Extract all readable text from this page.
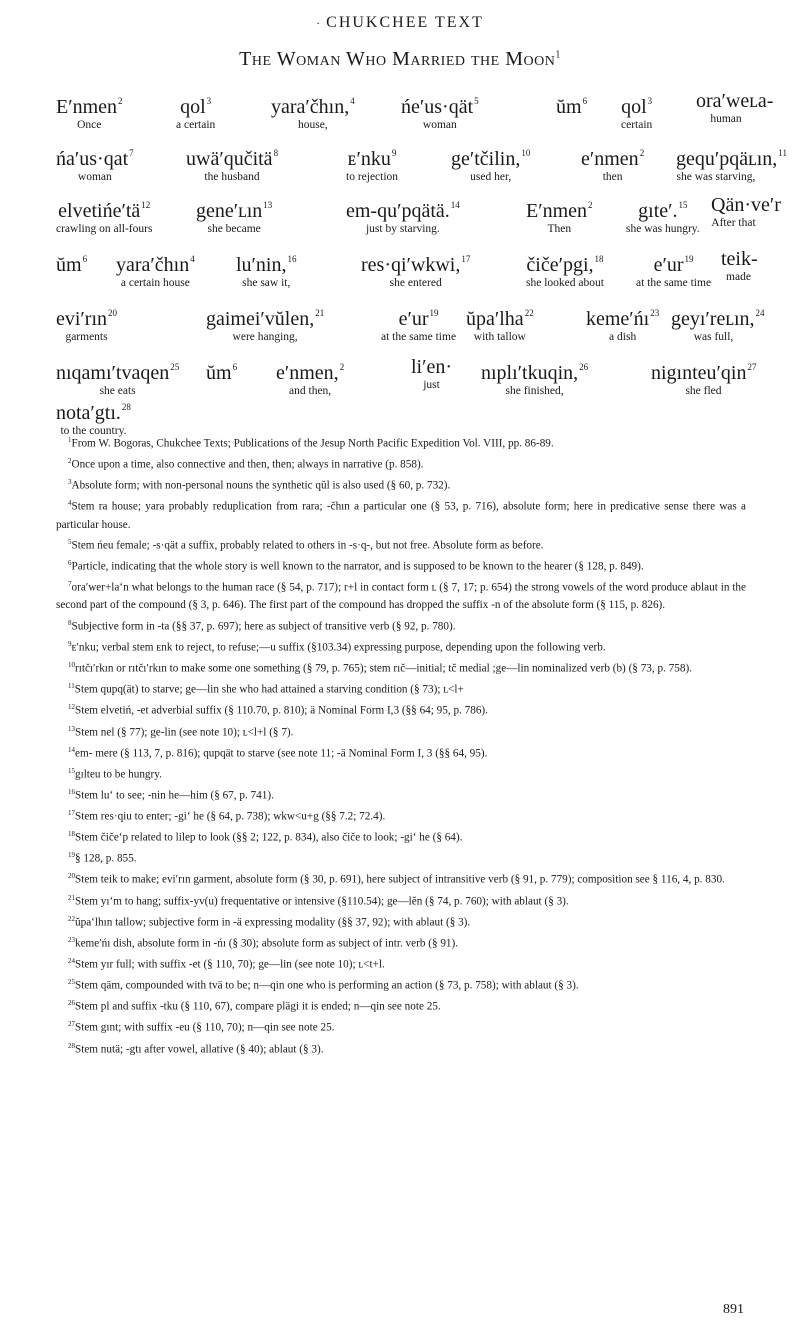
· CHUKCHEE TEXT
The Woman Who Married the Moon$^1$
E′nmen$^2$
Once
qol$^3$
a certain
yara′čhın,$^4$
house,
ńe′us·qät$^5$
woman
$ŭm^6$ qol$^3$
certain
ora′weʟa-
human
ńa′us·qat$^7$
woman
uwä′qučitä$^8$
the husband
ᴇ′nku$^9$
to rejection
ge′tčilin,$^{10}$
used her,
e′nmen$^2$
then
gequ′pqäʟın,$^{11}$
she was starving,
$elvetińe'tä^{12}$
crawling on all-fours
gene′ʟın$^{13}$
she became
em-qu′pqätä.$^{14}$
just by starving.
E′nmen$^2$
Then
gıte′.$^{15}$
she was hungry.
Qän·ve′r
After that
$ŭm^6$ yara′čhın$^4$
a certain house
lu′nin,$^{16}$
she saw it,
res·qi′wkwi,$^{17}$
she entered
čiče′pgi,$^{18}$
she looked about
$e'ur^{19}$
at the same time
teik-
made
evi′rın$^{20}$
garments
gaimei′vŭlen,$^{21}$
were hanging,
$e'ur^{19}$
at the same time
ŭpa′lha$^{22}$
with tallow
$keme'ńı^{23}$
a dish
geyı′reʟın,$^{24}$
was full,
nıqamı′tvaqen$^{25}$
she eats
$ŭm^6$ e′nmen,$^2$
and then,
li′en·
just
nıplı′tkuqin,$^{26}$
she finished,
nigınteu′qin$^{27}$
she fled
nota′gtı.$^{28}$
to the country.

$^1$From W. Bogoras, Chukchee Texts; Publications of the Jesup North Pacific Expedition Vol. VIII, pp. 86-89.

$^2$Once upon a time, also connective and then, then; always in narrative (p. 858).

$^3$Absolute form; with non-personal nouns the synthetic qŭl is also used (§ 60, p. 732).

$^4$Stem ra house; yara probably reduplication from rara; -čhın a particular one (§ 53, p. 716), absolute form; here in predicative sense there was a particular house.

$^5$Stem ńeu female; -s·qät a suffix, probably related to others in -s·q-, but not free. Absolute form as before.

$^6$Particle, indicating that the whole story is well known to the narrator, and is supposed to be known to the hearer (§ 128, p. 849).

$^7$ora′wer+la‘n what belongs to the human race (§ 54, p. 717); r+l in contact form ʟ (§ 7, 17; p. 654) the strong vowels of the word produce ablaut in the second part of the compound (§ 3, p. 646). The first part of the compound has dropped the suffix -n of the absolute form (§ 115, p. 826).

$^8$Subjective form in -ta (§§ 37, p. 697); here as subject of transitive verb (§ 92, p. 780).

$^9$ᴇ′nku; verbal stem ᴇnk to reject, to refuse;—u suffix (§103.34) expressing purpose, depending upon the following verb.

$^{10}$rıtčı′rkın or rıtčı′rkın to make some one something (§ 79, p. 765); stem rıč—initial; tč medial ;ge—lin nominalized verb (b) (§ 73, p. 758).

$^{11}$Stem qupq(ät) to starve; ge—lin she who had attained a starving condition (§ 73); ʟ<l+

$^{12}$Stem elvetiń, -et adverbial suffix (§ 110.70, p. 810); ä Nominal Form I,3 (§§ 64; 95, p. 786).

$^{13}$Stem nel (§ 77); ge-lin (see note 10); ʟ<l+l (§ 7).

$^{14}$em- mere (§ 113, 7, p. 816); qupqät to starve (see note 11; -ä Nominal Form I, 3 (§§ 64, 95).

$^{15}$gılteu to be hungry.

$^{16}$Stem lu‘ to see; -nin he—him (§ 67, p. 741).

$^{17}$Stem res·qiu to enter; -gi‘ he (§ 64, p. 738); wkw<u+g (§§ 7.2; 72.4).

$^{18}$Stem čiče‘p related to lilep to look (§§ 2; 122, p. 834), also čiče to look; -gi‘ he (§ 64).

$^{19}$§ 128, p. 855.

$^{20}$Stem teik to make; evi′rın garment, absolute form (§ 30, p. 691), here subject of intransitive verb (§ 91, p. 779); composition see § 116, 4, p. 830.

$^{21}$Stem yı‘m to hang; suffix-yv(u) frequentative or intensive (§110.54); ge—lĕn (§ 74, p. 760); with ablaut (§ 3).

$^{22}$ŭpa‘lhın tallow; subjective form in -ä expressing modality (§§ 37, 92); with ablaut (§ 3).

$^{23}$keme′ńı dish, absolute form in -ńı (§ 30); absolute form as subject of intr. verb (§ 91).

$^{24}$Stem yır full; with suffix -et (§ 110, 70); ge—lin (see note 10); ʟ<t+l.

$^{25}$Stem qäm, compounded with tvä to be; n—qin one who is performing an action (§ 73, p. 758); with ablaut (§ 3).

$^{26}$Stem pl and suffix -tku (§ 110, 67), compare plägi it is ended; n—qin see note 25.

$^{27}$Stem gınt; with suffix -eu (§ 110, 70); n—qin see note 25.

$^{28}$Stem nutä; -gtı after vowel, allative (§ 40); ablaut (§ 3).

891
